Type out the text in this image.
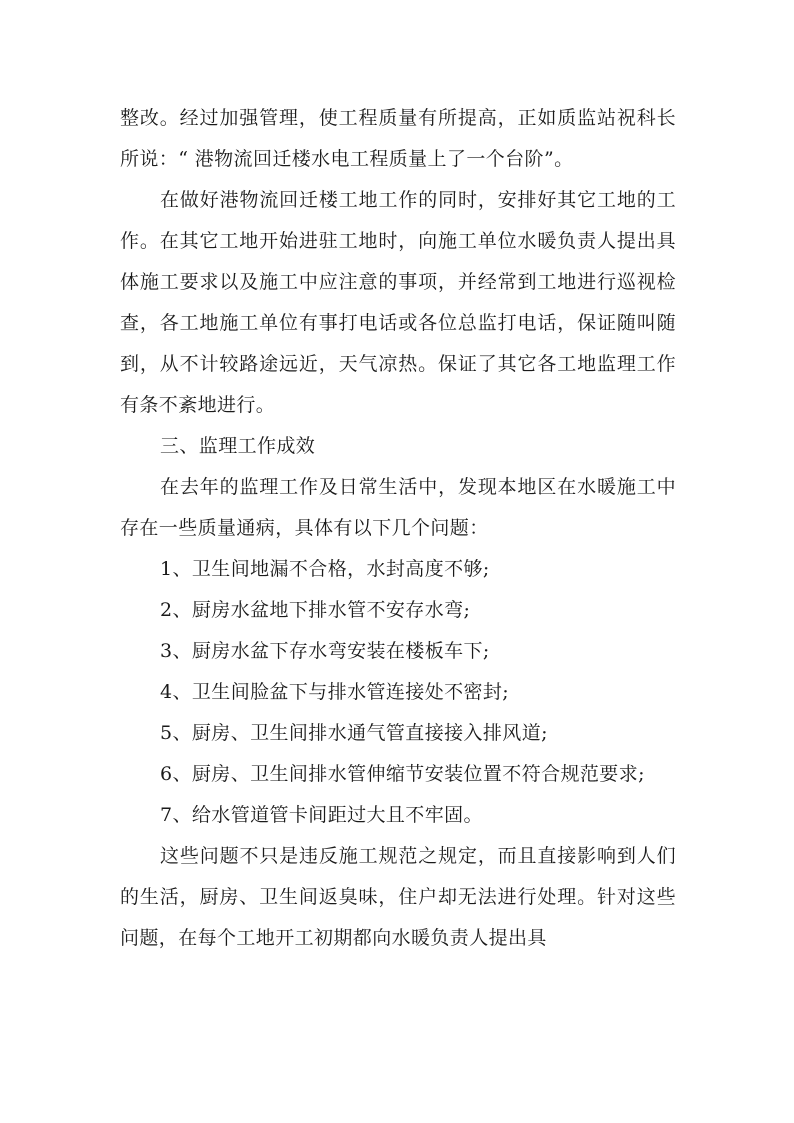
整改。经过加强管理，使工程质量有所提高，正如质监站祝科长所说：“ 港物流回迁楼水电工程质量上了一个台阶”。

在做好港物流回迁楼工地工作的同时，安排好其它工地的工作。在其它工地开始进驻工地时，向施工单位水暖负责人提出具体施工要求以及施工中应注意的事项，并经常到工地进行巡视检查，各工地施工单位有事打电话或各位总监打电话，保证随叫随到，从不计较路途远近，天气凉热。保证了其它各工地监理工作有条不紊地进行。

三、监理工作成效

在去年的监理工作及日常生活中，发现本地区在水暖施工中存在一些质量通病，具体有以下几个问题：

1、卫生间地漏不合格，水封高度不够;

2、厨房水盆地下排水管不安存水弯;

3、厨房水盆下存水弯安装在楼板车下;

4、卫生间脸盆下与排水管连接处不密封;

5、厨房、卫生间排水通气管直接接入排风道;

6、厨房、卫生间排水管伸缩节安装位置不符合规范要求;

7、给水管道管卡间距过大且不牢固。

这些问题不只是违反施工规范之规定，而且直接影响到人们的生活，厨房、卫生间返臭味，住户却无法进行处理。针对这些问题，在每个工地开工初期都向水暖负责人提出具
